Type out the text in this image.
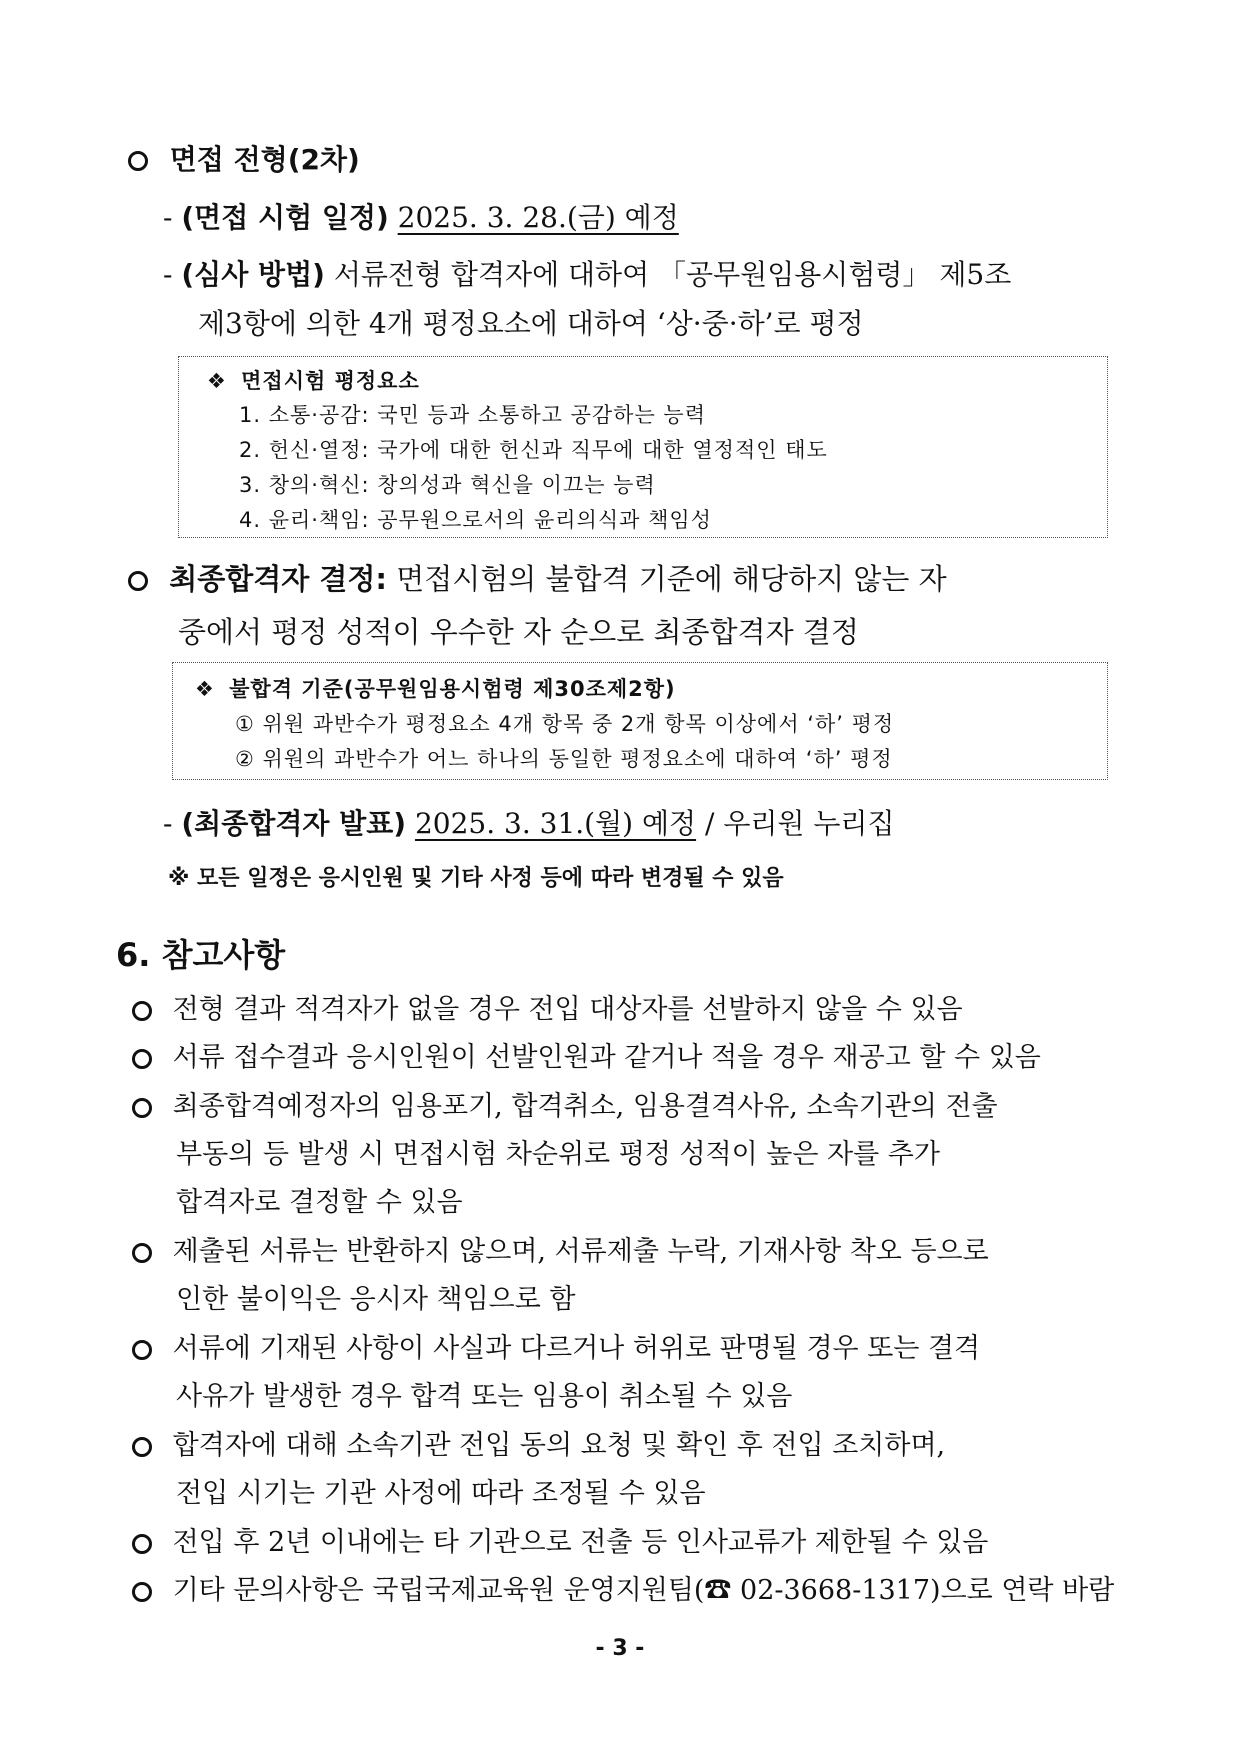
면접 전형(2차)
- (면접 시험 일정) 2025. 3. 28.(금) 예정
- (심사 방법) 서류전형 합격자에 대하여 「공무원임용시험령」 제5조
제3항에 의한 4개 평정요소에 대하여 ‘상·중·하’로 평정
❖ 면접시험 평정요소
1. 소통·공감: 국민 등과 소통하고 공감하는 능력
2. 헌신·열정: 국가에 대한 헌신과 직무에 대한 열정적인 태도
3. 창의·혁신: 창의성과 혁신을 이끄는 능력
4. 윤리·책임: 공무원으로서의 윤리의식과 책임성
최종합격자 결정: 면접시험의 불합격 기준에 해당하지 않는 자
중에서 평정 성적이 우수한 자 순으로 최종합격자 결정
❖ 불합격 기준(공무원임용시험령 제30조제2항)
① 위원 과반수가 평정요소 4개 항목 중 2개 항목 이상에서 ‘하’ 평정
② 위원의 과반수가 어느 하나의 동일한 평정요소에 대하여 ‘하’ 평정
- (최종합격자 발표) 2025. 3. 31.(월) 예정 / 우리원 누리집
※ 모든 일정은 응시인원 및 기타 사정 등에 따라 변경될 수 있음
6. 참고사항
전형 결과 적격자가 없을 경우 전입 대상자를 선발하지 않을 수 있음
서류 접수결과 응시인원이 선발인원과 같거나 적을 경우 재공고 할 수 있음
최종합격예정자의 임용포기, 합격취소, 임용결격사유, 소속기관의 전출
부동의 등 발생 시 면접시험 차순위로 평정 성적이 높은 자를 추가
합격자로 결정할 수 있음
제출된 서류는 반환하지 않으며, 서류제출 누락, 기재사항 착오 등으로
인한 불이익은 응시자 책임으로 함
서류에 기재된 사항이 사실과 다르거나 허위로 판명될 경우 또는 결격
사유가 발생한 경우 합격 또는 임용이 취소될 수 있음
합격자에 대해 소속기관 전입 동의 요청 및 확인 후 전입 조치하며,
전입 시기는 기관 사정에 따라 조정될 수 있음
전입 후 2년 이내에는 타 기관으로 전출 등 인사교류가 제한될 수 있음
기타 문의사항은 국립국제교육원 운영지원팀(☎ 02-3668-1317)으로 연락 바람
- 3 -
